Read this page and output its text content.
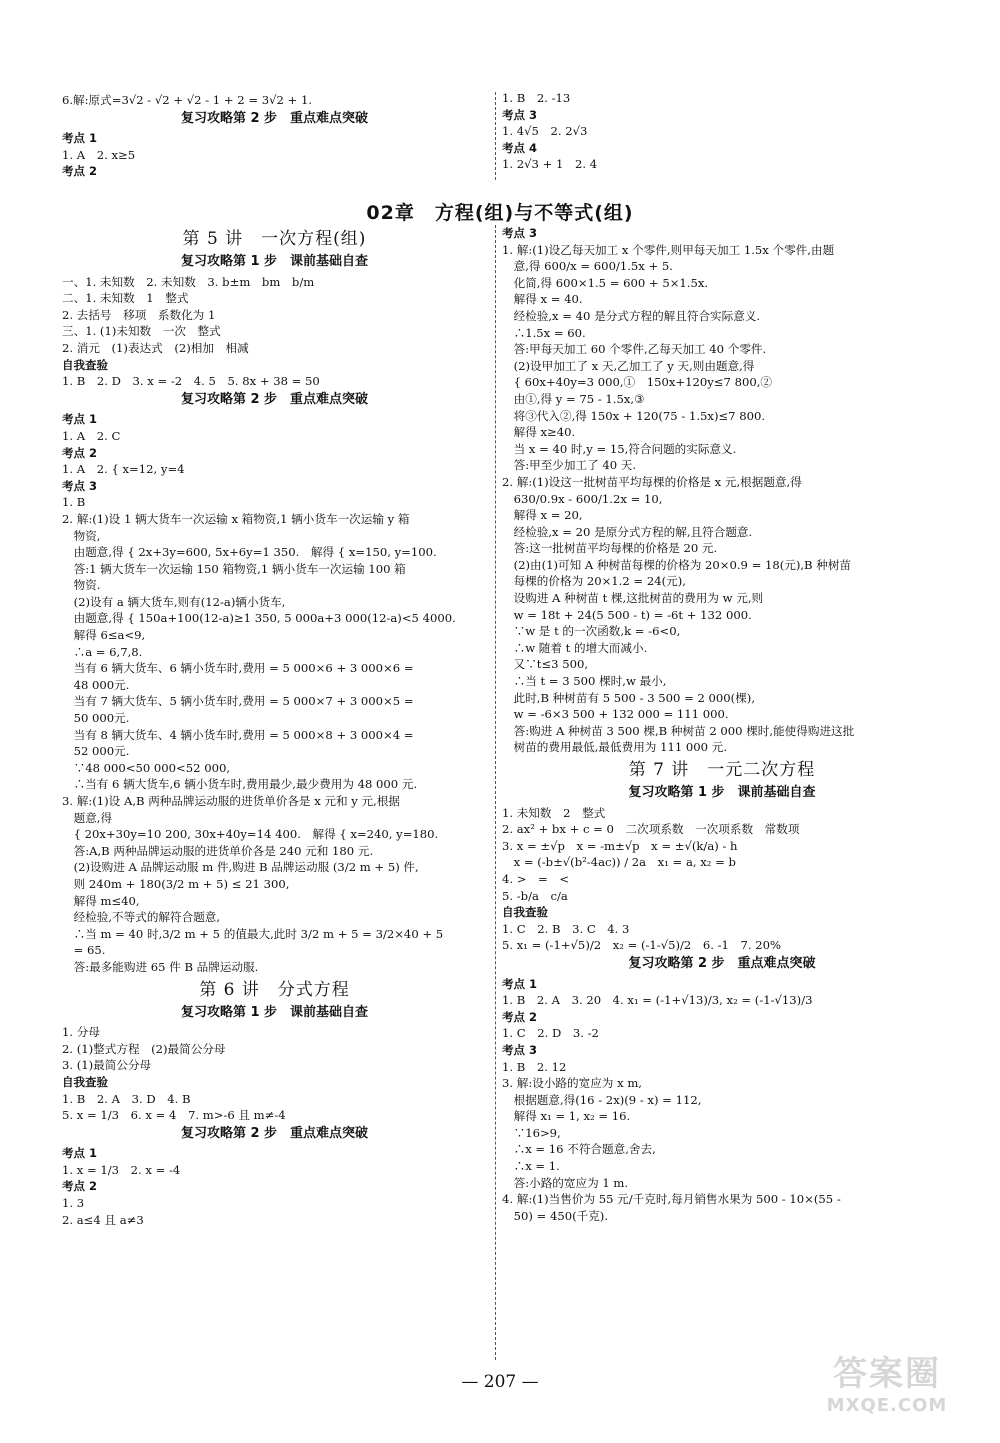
6.解:原式=3√2 - √2 + √2 - 1 + 2 = 3√2 + 1.
复习攻略第 2 步　重点难点突破
考点 1
1. A　2. x≥5
考点 2
1. B　2. -13
考点 3
1. 4√5　2. 2√3
考点 4
1. 2√3 + 1　2. 4
02章　方程(组)与不等式(组)
第 5 讲　一次方程(组)
复习攻略第 1 步　课前基础自查
一、1. 未知数　2. 未知数　3. b±m　bm　b/m
二、1. 未知数　1　整式
2. 去括号　移项　系数化为 1
三、1. (1)未知数　一次　整式
2. 消元　(1)表达式　(2)相加　相减
自我查验
1. B　2. D　3. x = -2　4. 5　5. 8x + 38 = 50
复习攻略第 2 步　重点难点突破
考点 1
1. A　2. C
考点 2
1. A　2. { x=12, y=4
考点 3
1. B
2. 解:(1)设 1 辆大货车一次运输 x 箱物资,1 辆小货车一次运输 y 箱
　物资,
　由题意,得 { 2x+3y=600, 5x+6y=1 350.　解得 { x=150, y=100.
　答:1 辆大货车一次运输 150 箱物资,1 辆小货车一次运输 100 箱
　物资.
　(2)设有 a 辆大货车,则有(12-a)辆小货车,
　由题意,得 { 150a+100(12-a)≥1 350, 5 000a+3 000(12-a)<5 4000.
　解得 6≤a<9,
　∴a = 6,7,8.
　当有 6 辆大货车、6 辆小货车时,费用 = 5 000×6 + 3 000×6 =
　48 000元.
　当有 7 辆大货车、5 辆小货车时,费用 = 5 000×7 + 3 000×5 =
　50 000元.
　当有 8 辆大货车、4 辆小货车时,费用 = 5 000×8 + 3 000×4 =
　52 000元.
　∵48 000<50 000<52 000,
　∴当有 6 辆大货车,6 辆小货车时,费用最少,最少费用为 48 000 元.
3. 解:(1)设 A,B 两种品牌运动服的进货单价各是 x 元和 y 元,根据
　题意,得
　{ 20x+30y=10 200, 30x+40y=14 400.　解得 { x=240, y=180.
　答:A,B 两种品牌运动服的进货单价各是 240 元和 180 元.
　(2)设购进 A 品牌运动服 m 件,购进 B 品牌运动服 (3/2 m + 5) 件,
　则 240m + 180(3/2 m + 5) ≤ 21 300,
　解得 m≤40,
　经检验,不等式的解符合题意,
　∴当 m = 40 时,3/2 m + 5 的值最大,此时 3/2 m + 5 = 3/2×40 + 5
　= 65.
　答:最多能购进 65 件 B 品牌运动服.
第 6 讲　分式方程
复习攻略第 1 步　课前基础自查
1. 分母
2. (1)整式方程　(2)最简公分母
3. (1)最简公分母
自我查验
1. B　2. A　3. D　4. B
5. x = 1/3　6. x = 4　7. m>-6 且 m≠-4
复习攻略第 2 步　重点难点突破
考点 1
1. x = 1/3　2. x = -4
考点 2
1. 3
2. a≤4 且 a≠3
考点 3
1. 解:(1)设乙每天加工 x 个零件,则甲每天加工 1.5x 个零件,由题
　意,得 600/x = 600/1.5x + 5.
　化简,得 600×1.5 = 600 + 5×1.5x.
　解得 x = 40.
　经检验,x = 40 是分式方程的解且符合实际意义.
　∴1.5x = 60.
　答:甲每天加工 60 个零件,乙每天加工 40 个零件.
　(2)设甲加工了 x 天,乙加工了 y 天,则由题意,得
　{ 60x+40y=3 000,①　150x+120y≤7 800,②
　由①,得 y = 75 - 1.5x,③
　将③代入②,得 150x + 120(75 - 1.5x)≤7 800.
　解得 x≥40.
　当 x = 40 时,y = 15,符合问题的实际意义.
　答:甲至少加工了 40 天.
2. 解:(1)设这一批树苗平均每棵的价格是 x 元,根据题意,得
　630/0.9x - 600/1.2x = 10,
　解得 x = 20,
　经检验,x = 20 是原分式方程的解,且符合题意.
　答:这一批树苗平均每棵的价格是 20 元.
　(2)由(1)可知 A 种树苗每棵的价格为 20×0.9 = 18(元),B 种树苗
　每棵的价格为 20×1.2 = 24(元),
　设购进 A 种树苗 t 棵,这批树苗的费用为 w 元,则
　w = 18t + 24(5 500 - t) = -6t + 132 000.
　∵w 是 t 的一次函数,k = -6<0,
　∴w 随着 t 的增大而减小.
　又∵t≤3 500,
　∴当 t = 3 500 棵时,w 最小,
　此时,B 种树苗有 5 500 - 3 500 = 2 000(棵),
　w = -6×3 500 + 132 000 = 111 000.
　答:购进 A 种树苗 3 500 棵,B 种树苗 2 000 棵时,能使得购进这批
　树苗的费用最低,最低费用为 111 000 元.
第 7 讲　一元二次方程
复习攻略第 1 步　课前基础自查
1. 未知数　2　整式
2. ax² + bx + c = 0　二次项系数　一次项系数　常数项
3. x = ±√p　x = -m±√p　x = ±√(k/a) - h
　x = (-b±√(b²-4ac)) / 2a　x₁ = a, x₂ = b
4. >　=　<
5. -b/a　c/a
自我查验
1. C　2. B　3. C　4. 3
5. x₁ = (-1+√5)/2　x₂ = (-1-√5)/2　6. -1　7. 20%
复习攻略第 2 步　重点难点突破
考点 1
1. B　2. A　3. 20　4. x₁ = (-1+√13)/3, x₂ = (-1-√13)/3
考点 2
1. C　2. D　3. -2
考点 3
1. B　2. 12
3. 解:设小路的宽应为 x m,
　根据题意,得(16 - 2x)(9 - x) = 112,
　解得 x₁ = 1, x₂ = 16.
　∵16>9,
　∴x = 16 不符合题意,舍去,
　∴x = 1.
　答:小路的宽应为 1 m.
4. 解:(1)当售价为 55 元/千克时,每月销售水果为 500 - 10×(55 -
　50) = 450(千克).
— 207 —	答案圈
MXQE.COM
